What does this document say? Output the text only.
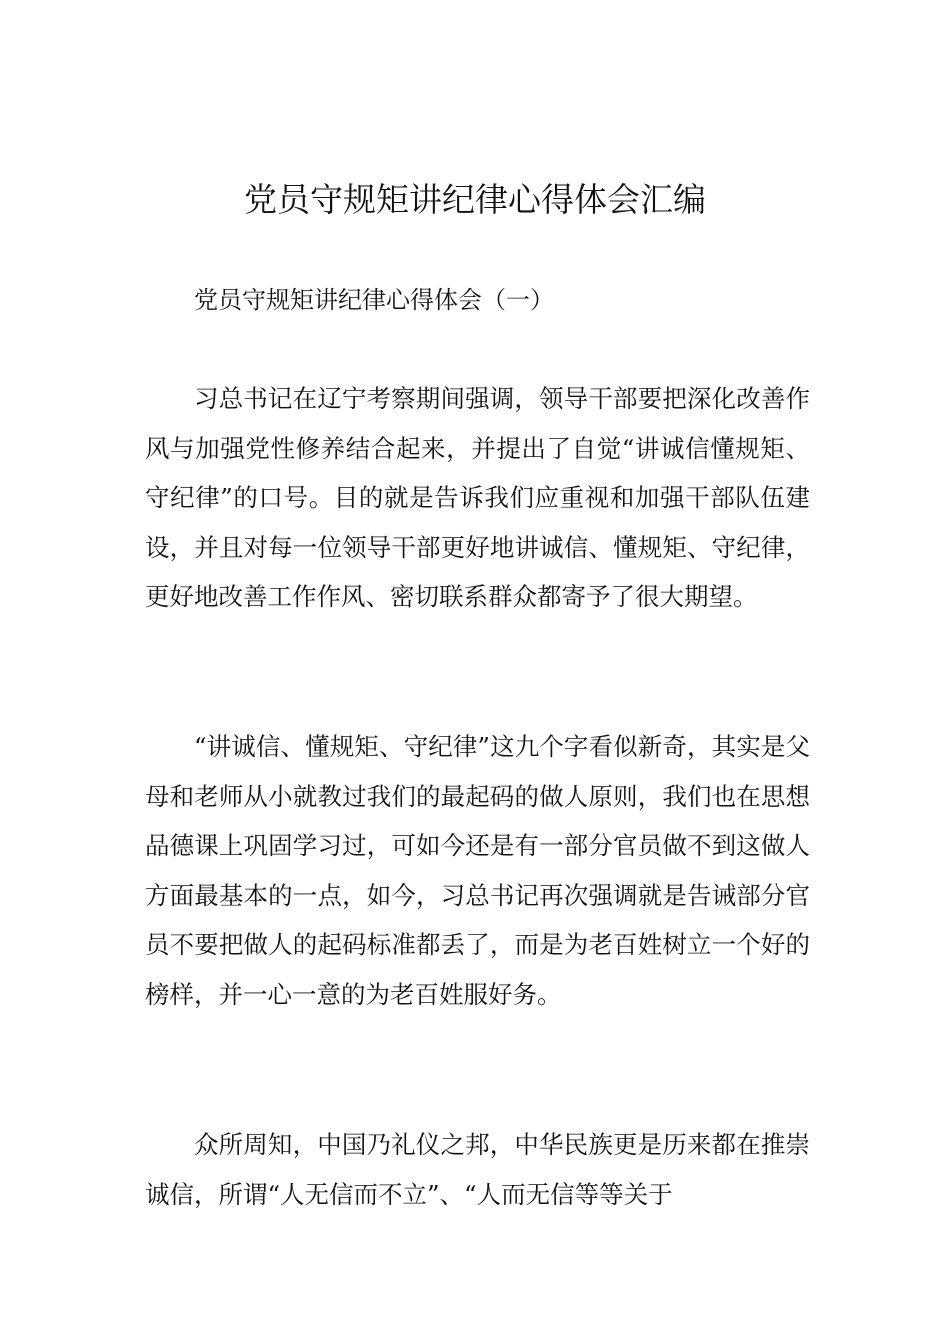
党员守规矩讲纪律心得体会汇编

党员守规矩讲纪律心得体会（一）

习总书记在辽宁考察期间强调，领导干部要把深化改善作风与加强党性修养结合起来，并提出了自觉“讲诚信懂规矩、守纪律”的口号。目的就是告诉我们应重视和加强干部队伍建设，并且对每一位领导干部更好地讲诚信、懂规矩、守纪律，更好地改善工作作风、密切联系群众都寄予了很大期望。

“讲诚信、懂规矩、守纪律”这九个字看似新奇，其实是父母和老师从小就教过我们的最起码的做人原则，我们也在思想品德课上巩固学习过，可如今还是有一部分官员做不到这做人方面最基本的一点，如今，习总书记再次强调就是告诫部分官员不要把做人的起码标准都丢了，而是为老百姓树立一个好的榜样，并一心一意的为老百姓服好务。

众所周知，中国乃礼仪之邦，中华民族更是历来都在推崇诚信，所谓“人无信而不立”、“人而无信等等关于
